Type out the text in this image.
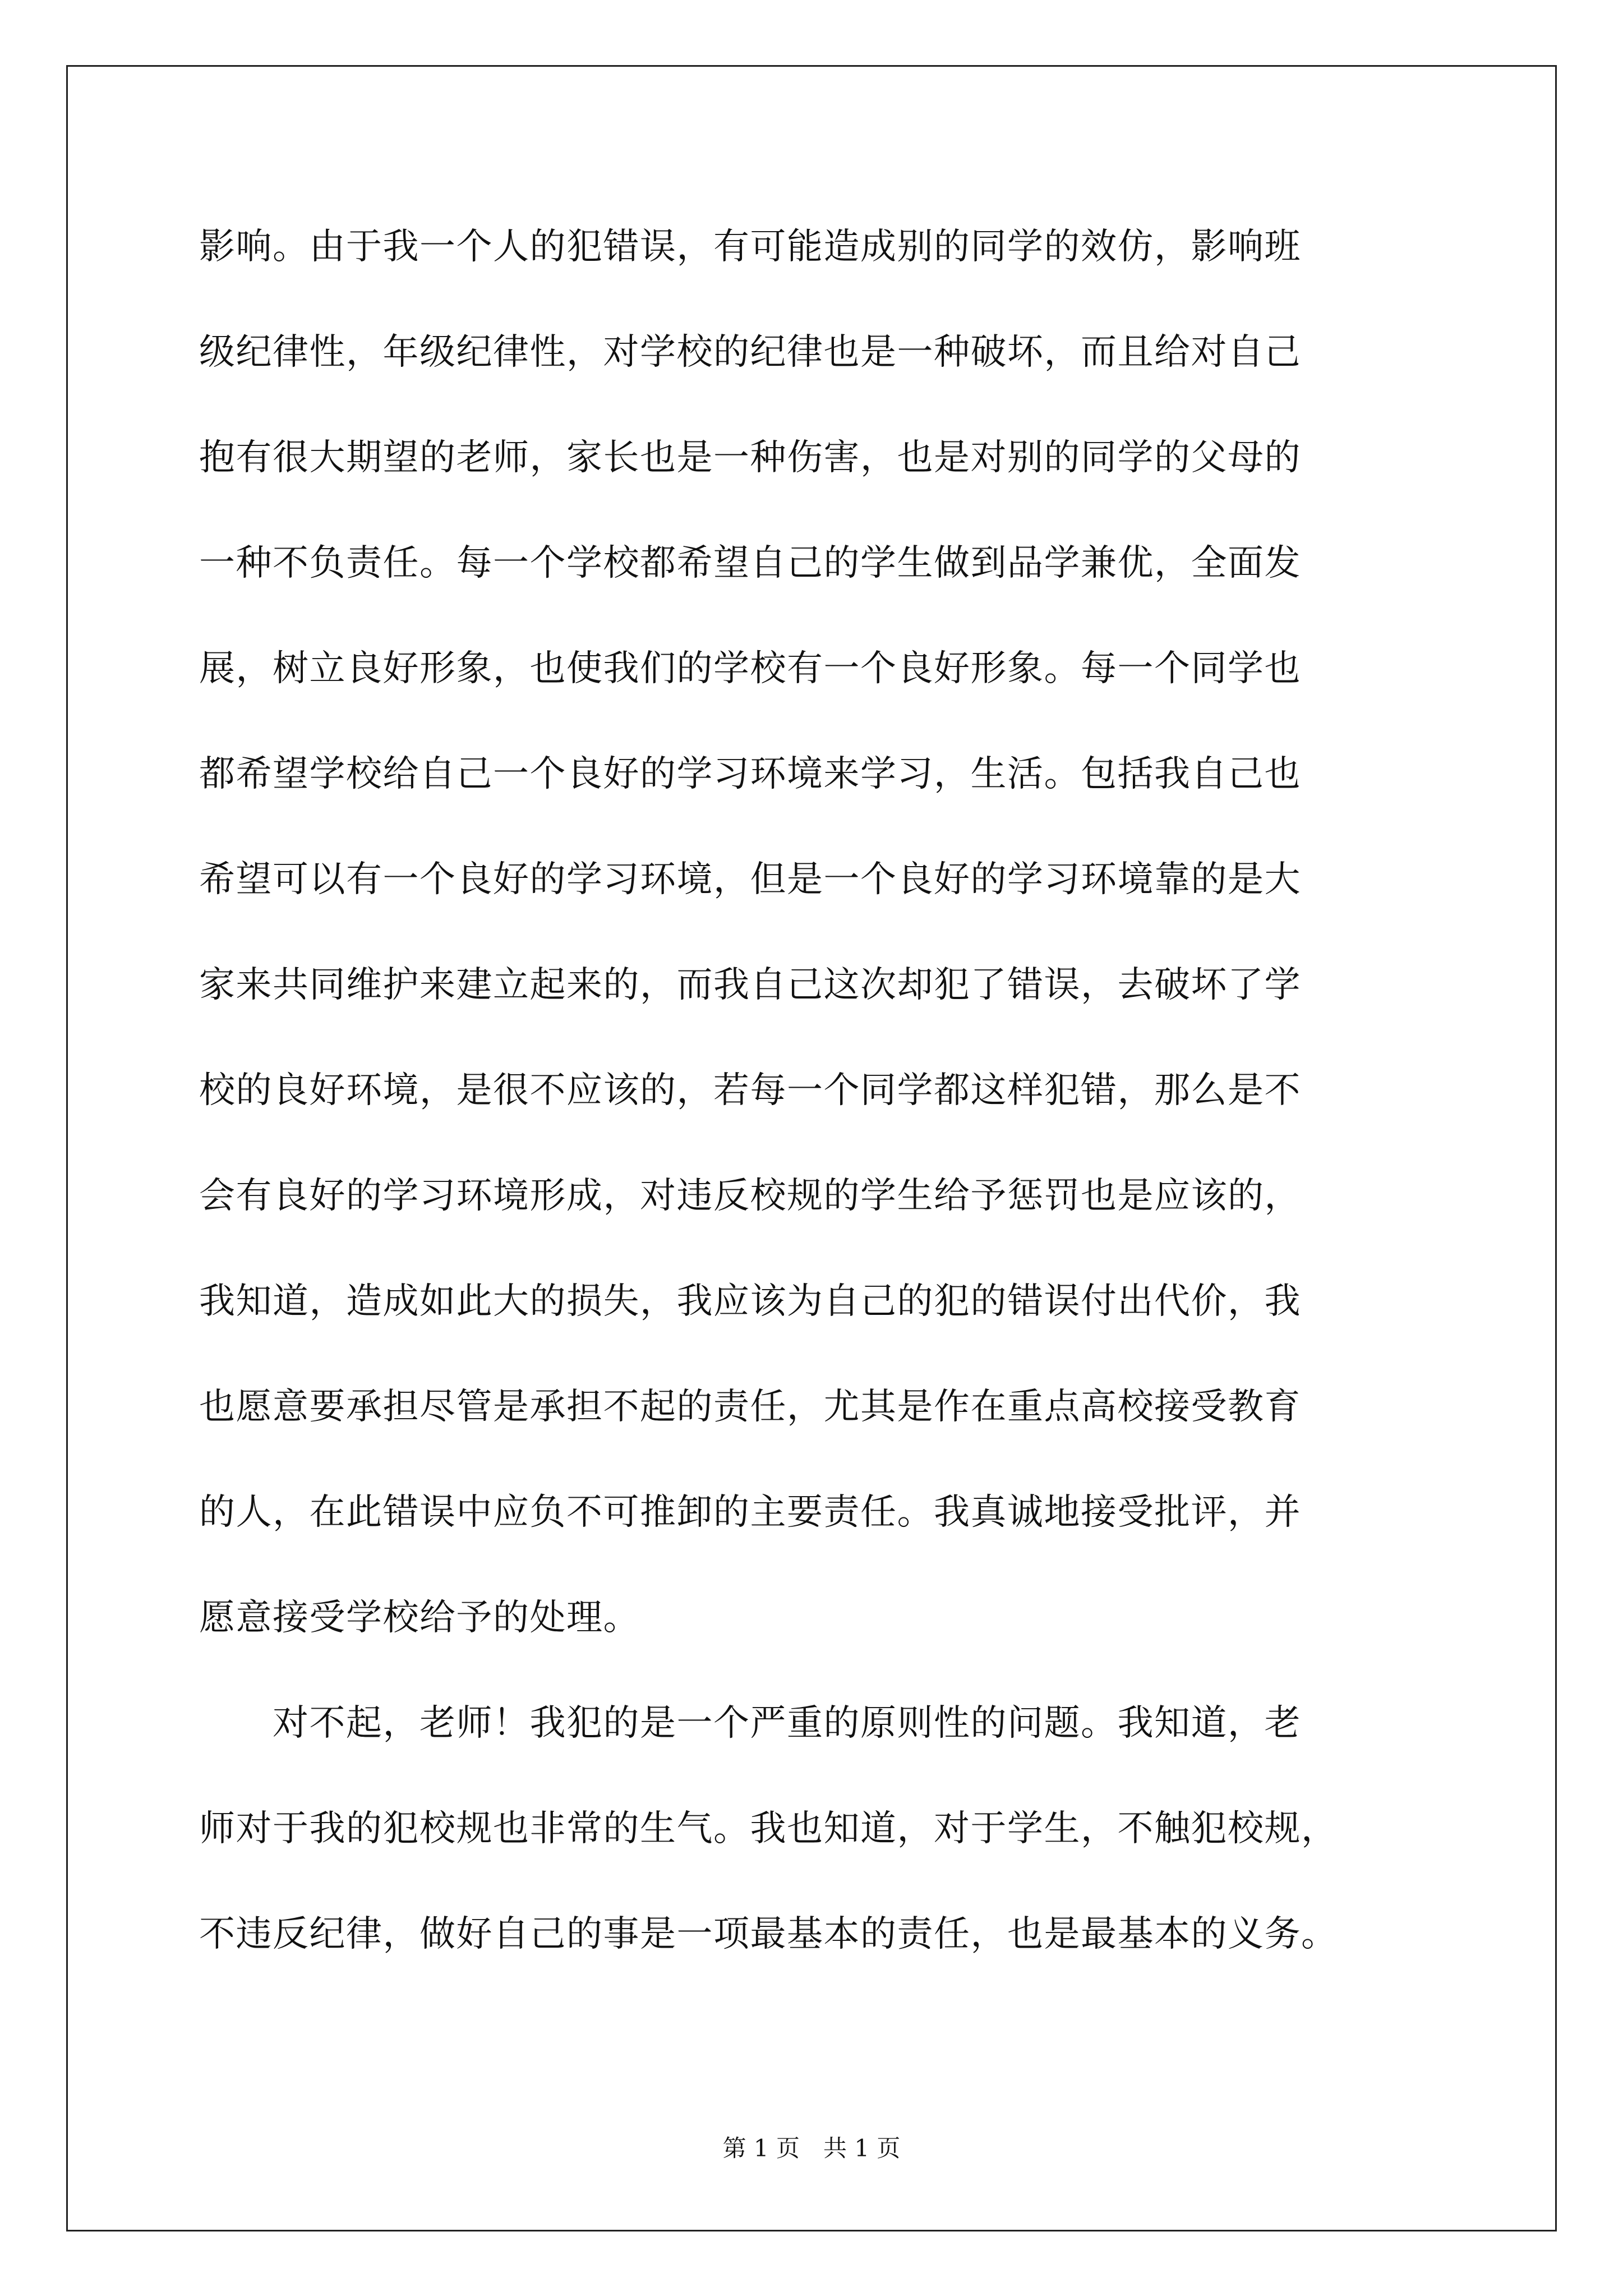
影响。由于我一个人的犯错误，有可能造成别的同学的效仿，影响班

级纪律性，年级纪律性，对学校的纪律也是一种破坏，而且给对自己

抱有很大期望的老师，家长也是一种伤害，也是对别的同学的父母的

一种不负责任。每一个学校都希望自己的学生做到品学兼优，全面发

展，树立良好形象，也使我们的学校有一个良好形象。每一个同学也

都希望学校给自己一个良好的学习环境来学习，生活。包括我自己也

希望可以有一个良好的学习环境，但是一个良好的学习环境靠的是大

家来共同维护来建立起来的，而我自己这次却犯了错误，去破坏了学

校的良好环境，是很不应该的，若每一个同学都这样犯错，那么是不

会有良好的学习环境形成，对违反校规的学生给予惩罚也是应该的，

我知道，造成如此大的损失，我应该为自己的犯的错误付出代价，我

也愿意要承担尽管是承担不起的责任，尤其是作在重点高校接受教育

的人，在此错误中应负不可推卸的主要责任。我真诚地接受批评，并

愿意接受学校给予的处理。

　　对不起，老师！我犯的是一个严重的原则性的问题。我知道，老

师对于我的犯校规也非常的生气。我也知道，对于学生，不触犯校规，

不违反纪律，做好自己的事是一项最基本的责任，也是最基本的义务。

第 1 页　共 1 页
